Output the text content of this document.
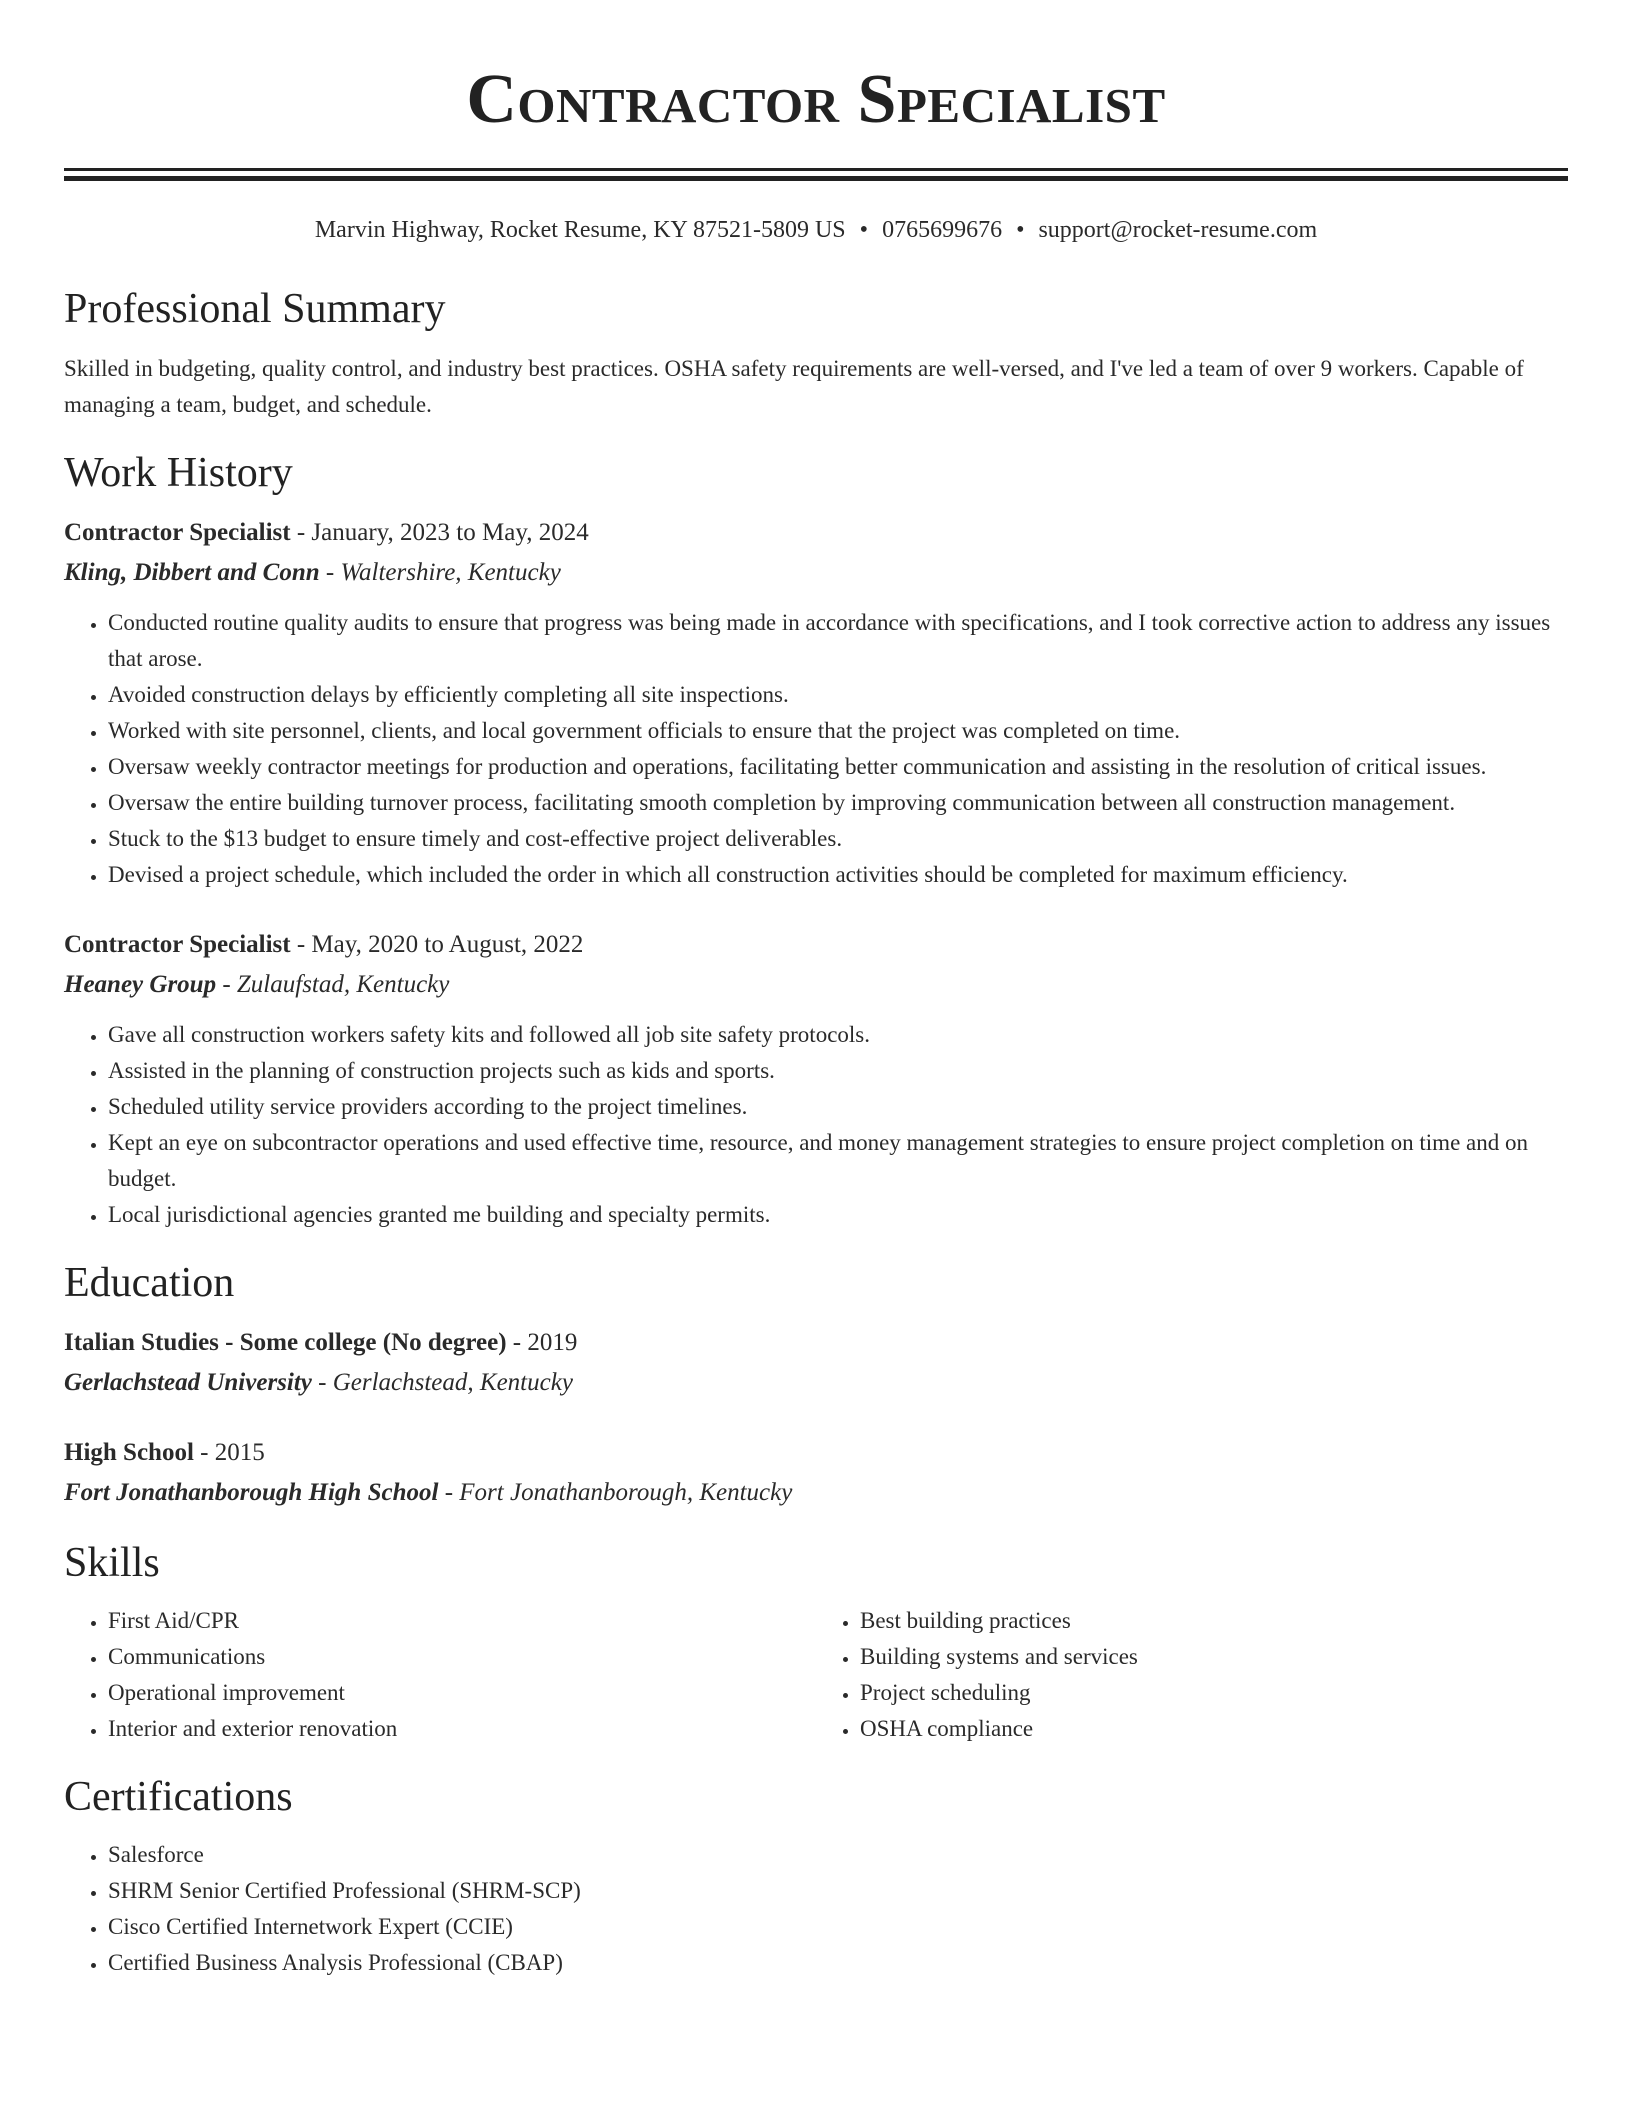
Contractor Specialist
Marvin Highway, Rocket Resume, KY 87521-5809 US • 0765699676 • support@rocket-resume.com
Professional Summary

Skilled in budgeting, quality control, and industry best practices. OSHA safety requirements are well-versed, and I've led a team of over 9 workers. Capable of managing a team, budget, and schedule.

Work History
Contractor Specialist - January, 2023 to May, 2024
Kling, Dibbert and Conn - Waltershire, Kentucky
• Conducted routine quality audits to ensure that progress was being made in accordance with specifications, and I took corrective action to address any issues that arose.
• Avoided construction delays by efficiently completing all site inspections.
• Worked with site personnel, clients, and local government officials to ensure that the project was completed on time.
• Oversaw weekly contractor meetings for production and operations, facilitating better communication and assisting in the resolution of critical issues.
• Oversaw the entire building turnover process, facilitating smooth completion by improving communication between all construction management.
• Stuck to the $13 budget to ensure timely and cost-effective project deliverables.
• Devised a project schedule, which included the order in which all construction activities should be completed for maximum efficiency.
Contractor Specialist - May, 2020 to August, 2022
Heaney Group - Zulaufstad, Kentucky
• Gave all construction workers safety kits and followed all job site safety protocols.
• Assisted in the planning of construction projects such as kids and sports.
• Scheduled utility service providers according to the project timelines.
• Kept an eye on subcontractor operations and used effective time, resource, and money management strategies to ensure project completion on time and on budget.
• Local jurisdictional agencies granted me building and specialty permits.
Education
Italian Studies - Some college (No degree) - 2019
Gerlachstead University - Gerlachstead, Kentucky
High School - 2015
Fort Jonathanborough High School - Fort Jonathanborough, Kentucky
Skills
• First Aid/CPR
• Communications
• Operational improvement
• Interior and exterior renovation
• Best building practices
• Building systems and services
• Project scheduling
• OSHA compliance
Certifications
• Salesforce
• SHRM Senior Certified Professional (SHRM-SCP)
• Cisco Certified Internetwork Expert (CCIE)
• Certified Business Analysis Professional (CBAP)
